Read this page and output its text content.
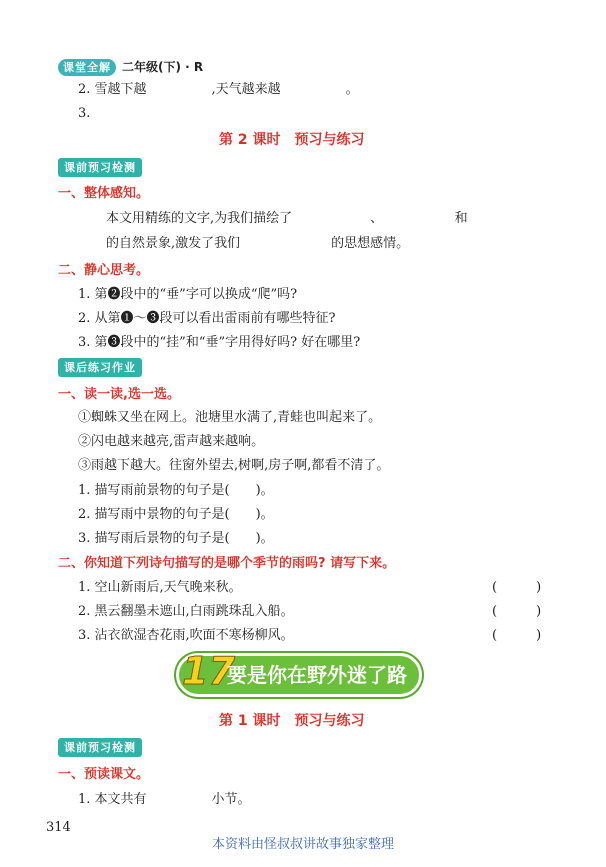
课堂全解 二年级(下) · R
2. 雪越下越　　　　　,天气越来越　　　　　。
3.
第 2 课时　预习与练习
课前预习检测
一、整体感知。
本文用精练的文字,为我们描绘了　　　　　　、　　　　　　和
的自然景象,激发了我们　　　　　　　的思想感情。
二、静心思考。
1. 第❷段中的“垂”字可以换成“爬”吗?
2. 从第❶～❸段可以看出雷雨前有哪些特征?
3. 第❸段中的“挂”和“垂”字用得好吗? 好在哪里?
课后练习作业
一、读一读,选一选。
①蜘蛛又坐在网上。池塘里水满了,青蛙也叫起来了。
②闪电越来越亮,雷声越来越响。
③雨越下越大。往窗外望去,树啊,房子啊,都看不清了。
1. 描写雨前景物的句子是(　　)。
2. 描写雨中景物的句子是(　　)。
3. 描写雨后景物的句子是(　　)。
二、你知道下列诗句描写的是哪个季节的雨吗? 请写下来。
1. 空山新雨后,天气晚来秋。	(　　　)
2. 黑云翻墨未遮山,白雨跳珠乱入船。	(　　　)
3. 沾衣欲湿杏花雨,吹面不寒杨柳风。	(　　　)
17
要是你在野外迷了路
第 1 课时　预习与练习
课前预习检测
一、预读课文。
1. 本文共有　　　　　小节。
314
本资料由怪叔叔讲故事独家整理
